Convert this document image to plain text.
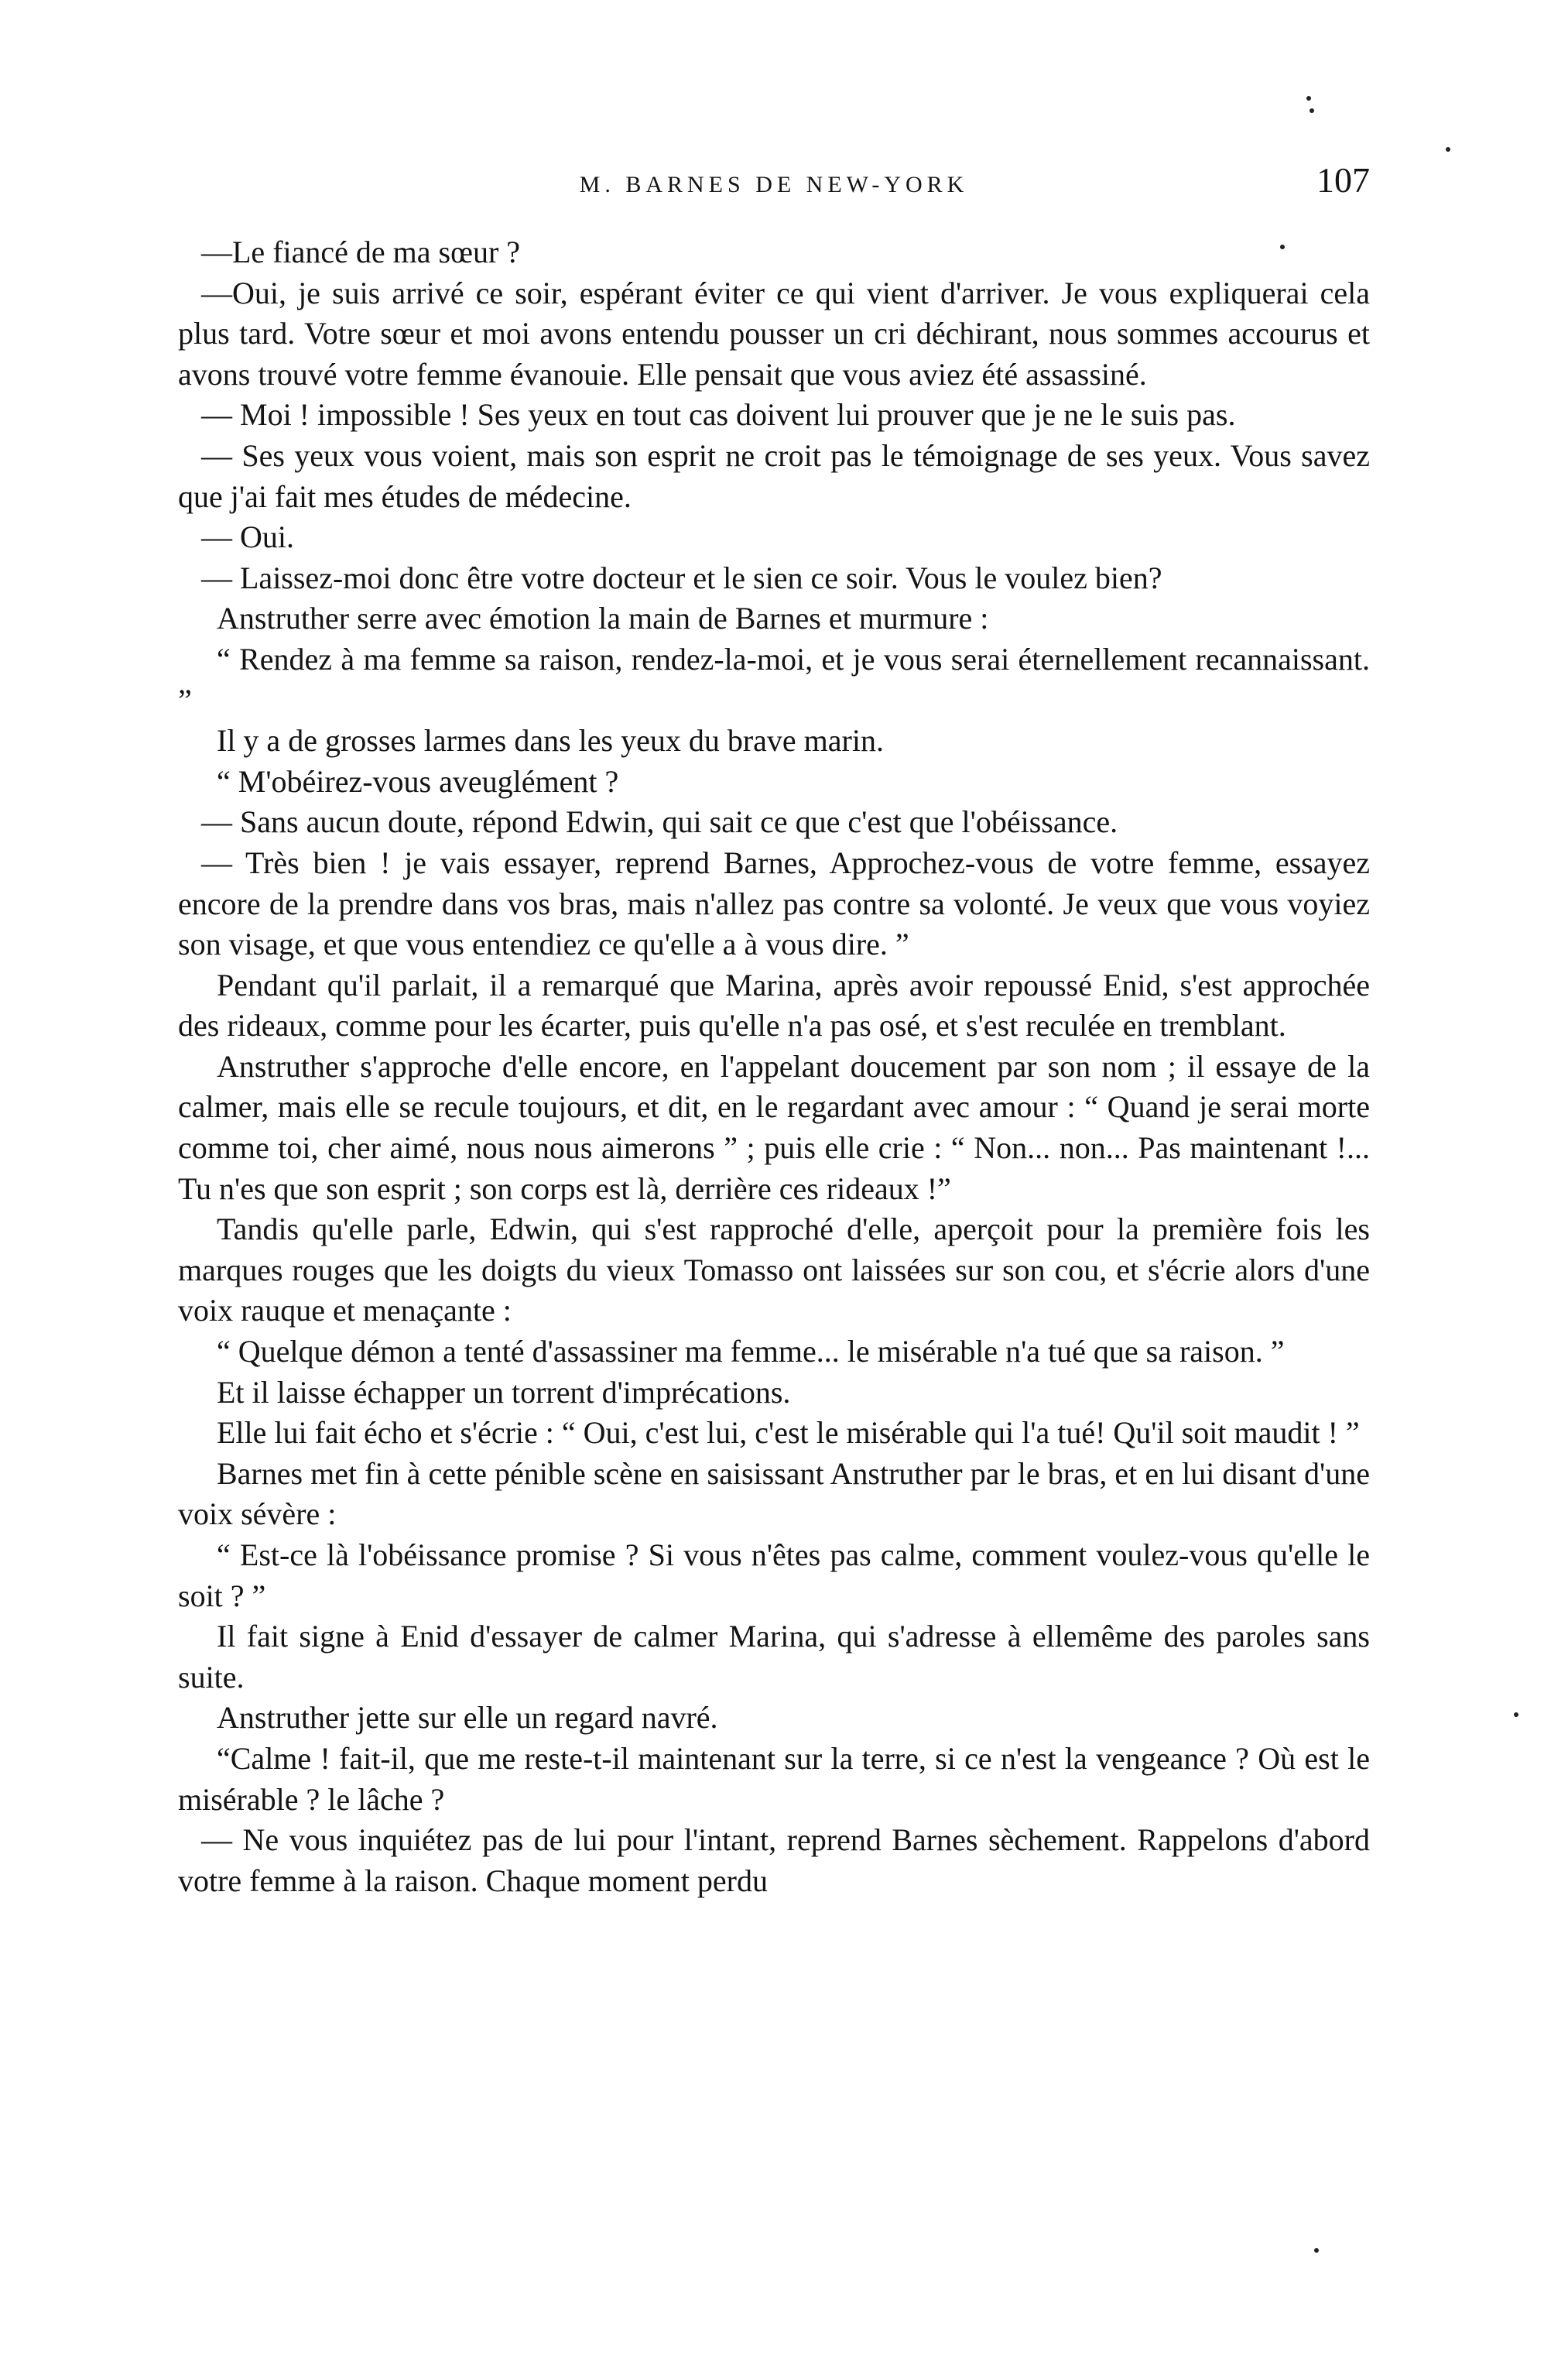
M. BARNES DE NEW-YORK	107

—Le fiancé de ma sœur ?

—Oui, je suis arrivé ce soir, espérant éviter ce qui vient d'arriver. Je vous expliquerai cela plus tard. Votre sœur et moi avons entendu pousser un cri déchirant, nous sommes accourus et avons trouvé votre femme évanouie. Elle pensait que vous aviez été assassiné.

— Moi ! impossible ! Ses yeux en tout cas doivent lui prouver que je ne le suis pas.

— Ses yeux vous voient, mais son esprit ne croit pas le témoignage de ses yeux. Vous savez que j'ai fait mes études de médecine.

— Oui.

— Laissez-moi donc être votre docteur et le sien ce soir. Vous le voulez bien?

Anstruther serre avec émotion la main de Barnes et murmure :

“ Rendez à ma femme sa raison, rendez-la-moi, et je vous serai éternellement recannaissant. ”

Il y a de grosses larmes dans les yeux du brave marin.

“ M'obéirez-vous aveuglément ?

— Sans aucun doute, répond Edwin, qui sait ce que c'est que l'obéissance.

— Très bien ! je vais essayer, reprend Barnes, Approchez-vous de votre femme, essayez encore de la prendre dans vos bras, mais n'allez pas contre sa volonté. Je veux que vous voyiez son visage, et que vous entendiez ce qu'elle a à vous dire. ”

Pendant qu'il parlait, il a remarqué que Marina, après avoir repoussé Enid, s'est approchée des rideaux, comme pour les écarter, puis qu'elle n'a pas osé, et s'est reculée en tremblant.

Anstruther s'approche d'elle encore, en l'appelant doucement par son nom ; il essaye de la calmer, mais elle se recule toujours, et dit, en le regardant avec amour : “ Quand je serai morte comme toi, cher aimé, nous nous aimerons ” ; puis elle crie : “ Non... non... Pas maintenant !... Tu n'es que son esprit ; son corps est là, derrière ces rideaux !”

Tandis qu'elle parle, Edwin, qui s'est rapproché d'elle, aperçoit pour la première fois les marques rouges que les doigts du vieux Tomasso ont laissées sur son cou, et s'écrie alors d'une voix rauque et menaçante :

“ Quelque démon a tenté d'assassiner ma femme... le misérable n'a tué que sa raison. ”

Et il laisse échapper un torrent d'imprécations.

Elle lui fait écho et s'écrie : “ Oui, c'est lui, c'est le misérable qui l'a tué! Qu'il soit maudit ! ”

Barnes met fin à cette pénible scène en saisissant Anstruther par le bras, et en lui disant d'une voix sévère :

“ Est-ce là l'obéissance promise ? Si vous n'êtes pas calme, comment voulez-vous qu'elle le soit ? ”

Il fait signe à Enid d'essayer de calmer Marina, qui s'adresse à ellemême des paroles sans suite.

Anstruther jette sur elle un regard navré.

“Calme ! fait-il, que me reste-t-il maintenant sur la terre, si ce n'est la vengeance ? Où est le misérable ? le lâche ?

— Ne vous inquiétez pas de lui pour l'intant, reprend Barnes sèchement. Rappelons d'abord votre femme à la raison. Chaque moment perdu
